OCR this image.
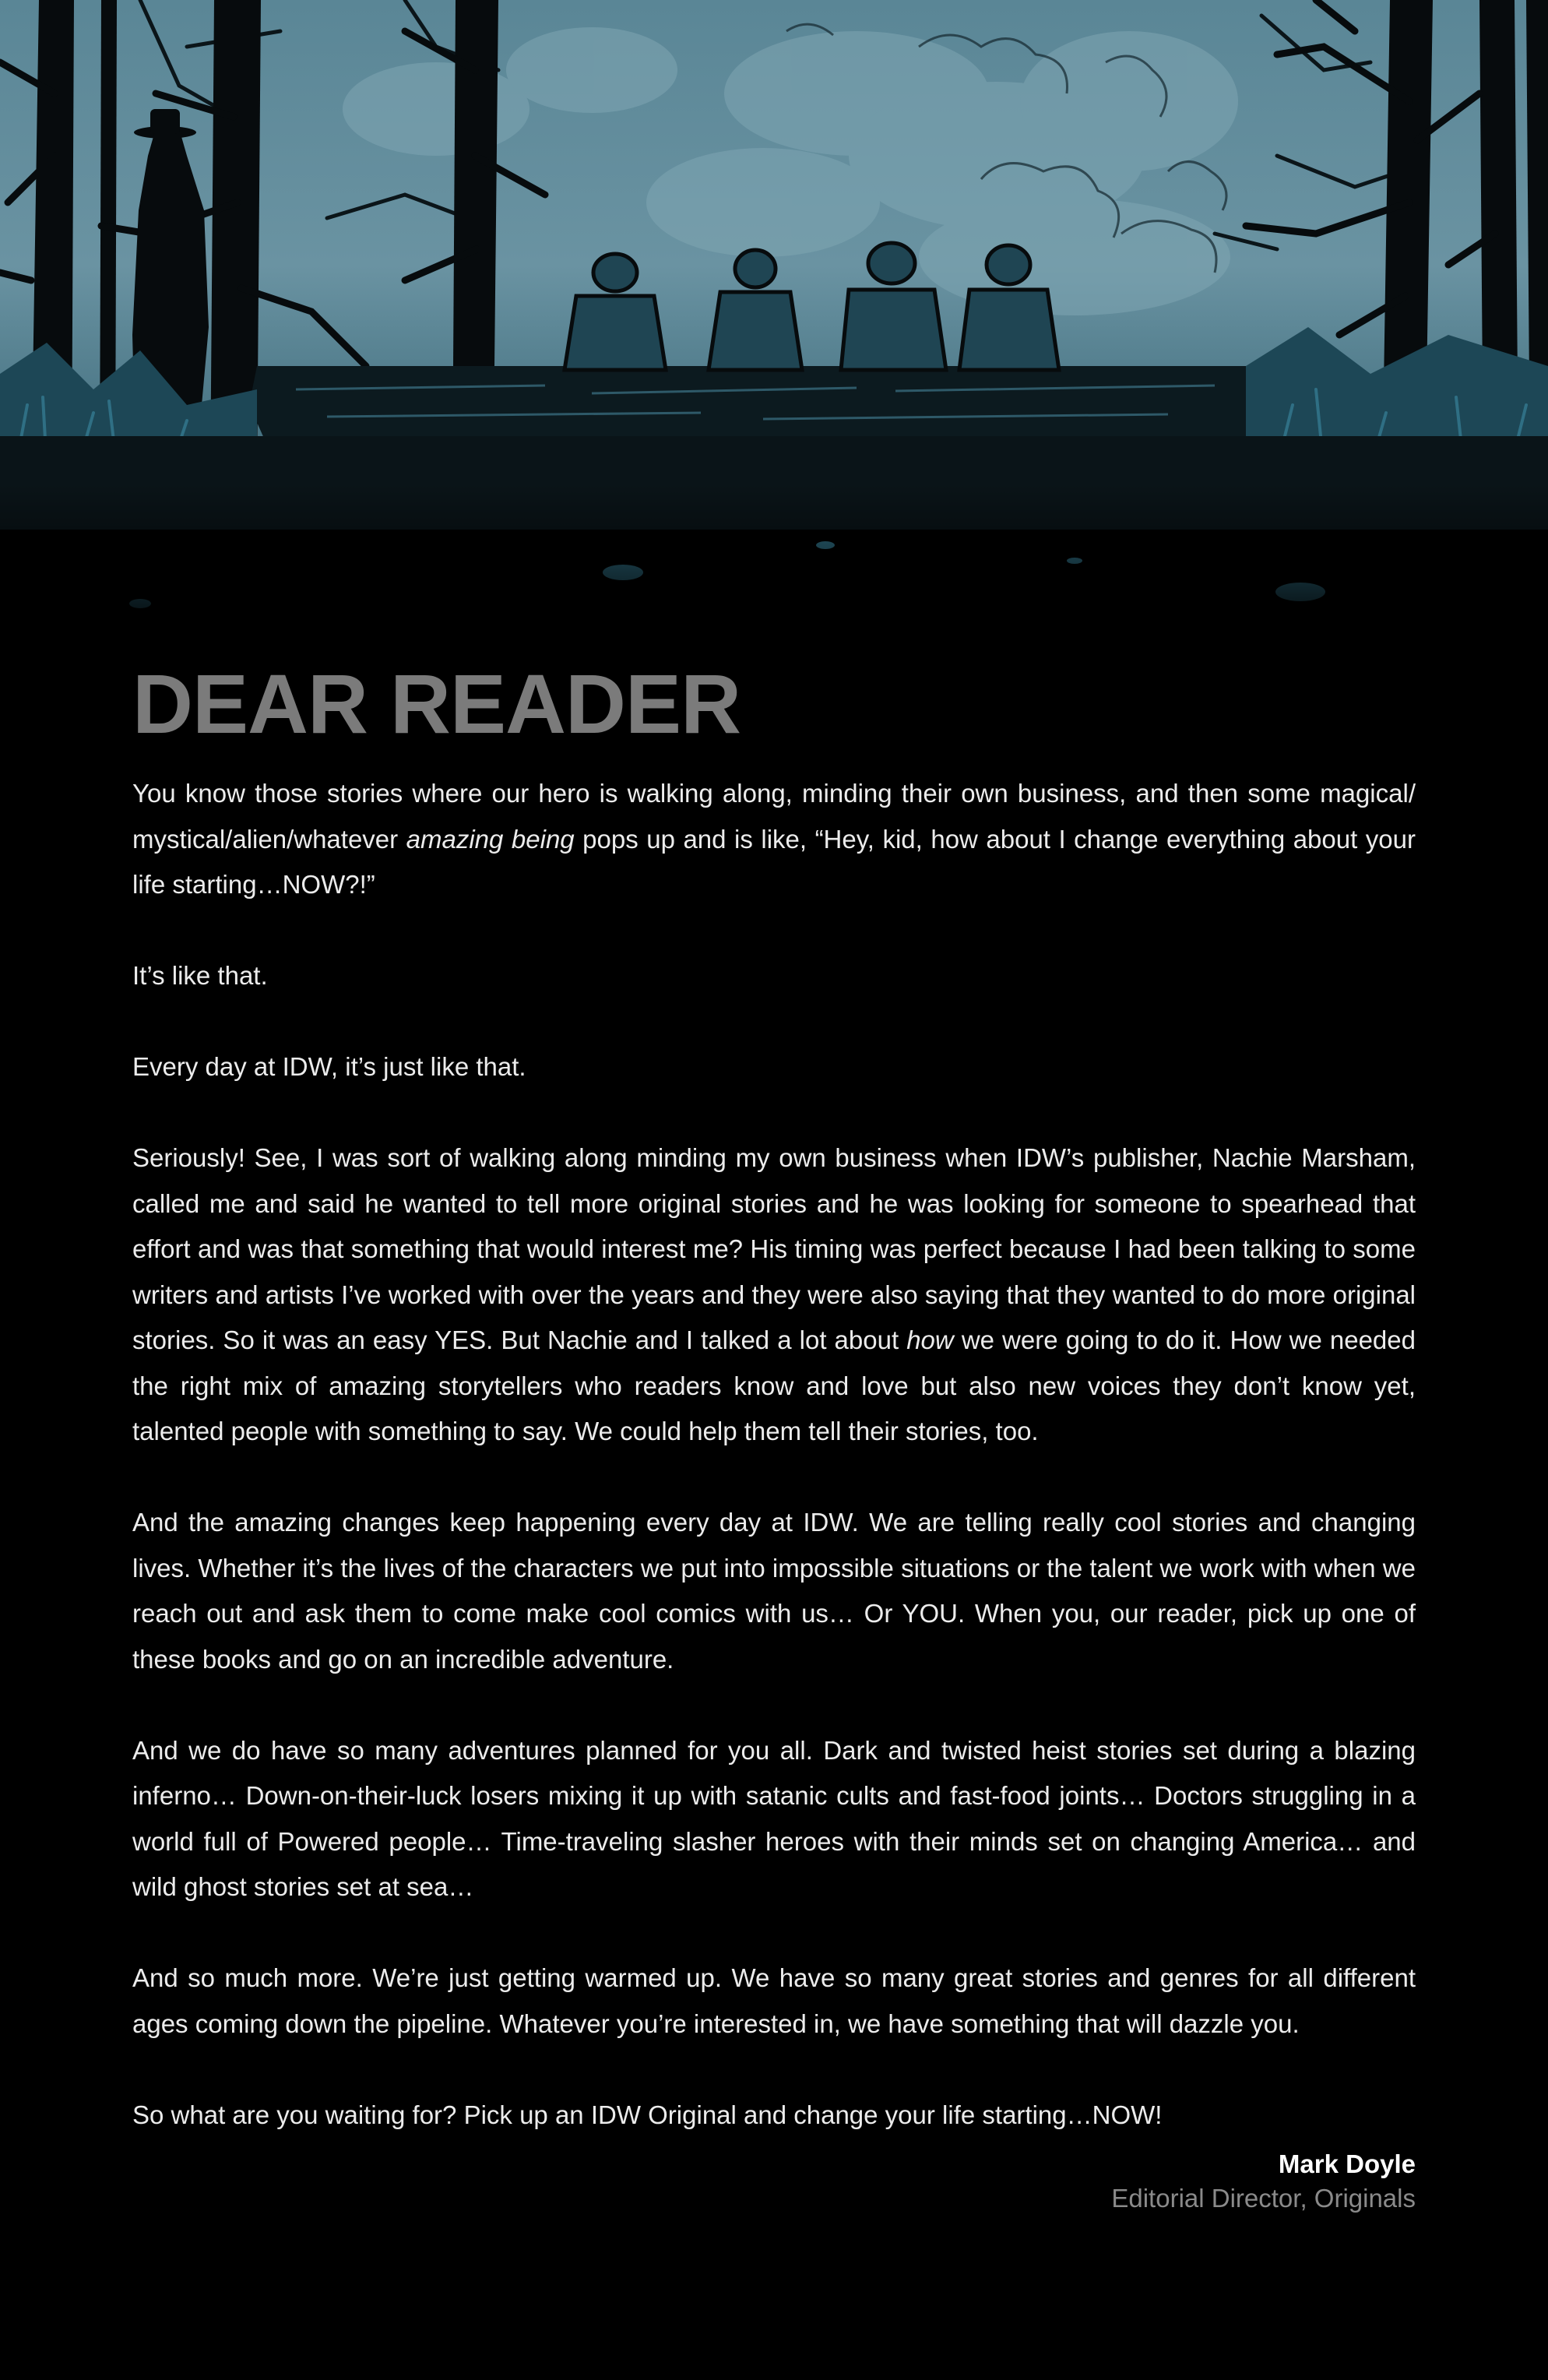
DEAR READER

You know those stories where our hero is walking along, minding their own business, and then some magical/ mystical/alien/whatever amazing being pops up and is like, “Hey, kid, how about I change everything about your life starting…NOW?!”

It’s like that.

Every day at IDW, it’s just like that.

Seriously! See, I was sort of walking along minding my own business when IDW’s publisher, Nachie Marsham, called me and said he wanted to tell more original stories and he was looking for someone to spearhead that effort and was that something that would interest me? His timing was perfect because I had been talking to some writers and artists I’ve worked with over the years and they were also saying that they wanted to do more original stories. So it was an easy YES. But Nachie and I talked a lot about how we were going to do it. How we needed the right mix of amazing storytellers who readers know and love but also new voices they don’t know yet, talented people with something to say. We could help them tell their stories, too.

And the amazing changes keep happening every day at IDW. We are telling really cool stories and changing lives. Whether it’s the lives of the characters we put into impossible situations or the talent we work with when we reach out and ask them to come make cool comics with us… Or YOU. When you, our reader, pick up one of these books and go on an incredible adventure.

And we do have so many adventures planned for you all. Dark and twisted heist stories set during a blazing inferno… Down-on-their-luck losers mixing it up with satanic cults and fast-food joints… Doctors struggling in a world full of Powered people… Time-traveling slasher heroes with their minds set on changing America… and wild ghost stories set at sea…

And so much more. We’re just getting warmed up. We have so many great stories and genres for all different ages coming down the pipeline. Whatever you’re interested in, we have something that will dazzle you.

So what are you waiting for? Pick up an IDW Original and change your life starting…NOW!

Mark Doyle
Editorial Director, Originals
